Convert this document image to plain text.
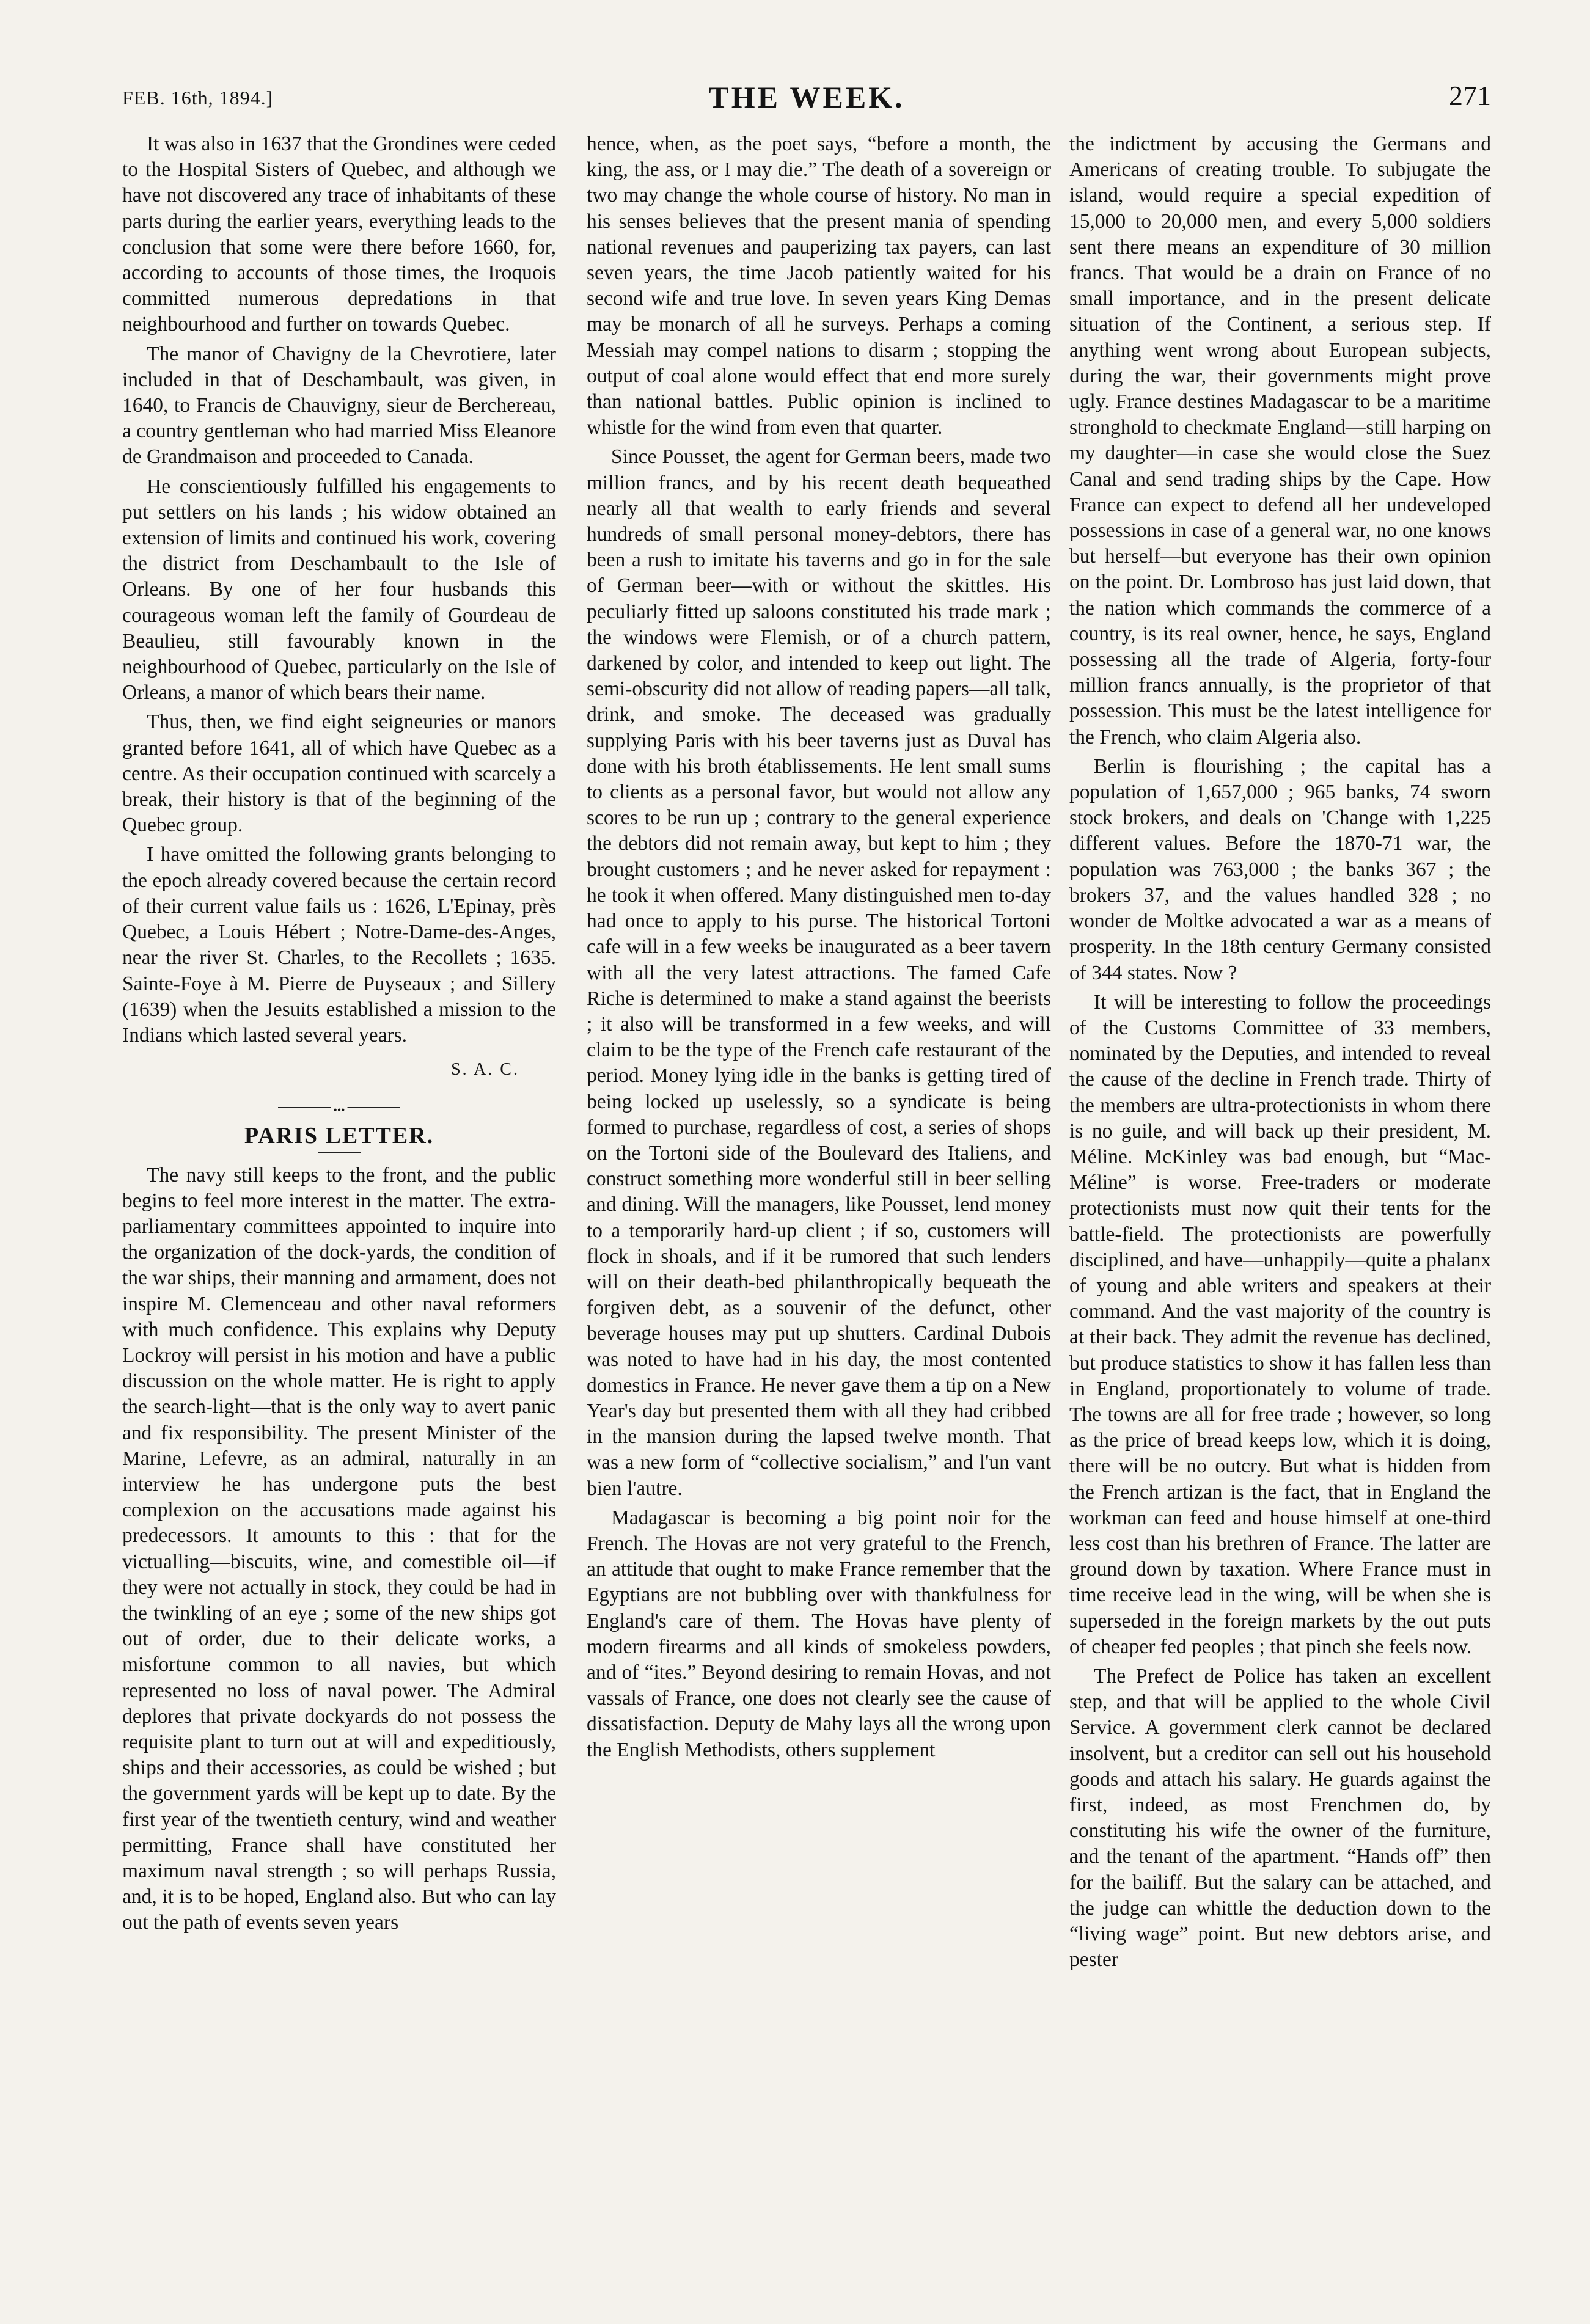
FEB. 16th, 1894.]	THE WEEK.	271

It was also in 1637 that the Grondines were ceded to the Hospital Sisters of Quebec, and although we have not discovered any trace of inhabitants of these parts during the earlier years, everything leads to the conclusion that some were there before 1660, for, according to accounts of those times, the Iroquois committed numerous depredations in that neighbourhood and further on towards Quebec.

The manor of Chavigny de la Chevrotiere, later included in that of Deschambault, was given, in 1640, to Francis de Chauvigny, sieur de Berchereau, a country gentleman who had married Miss Eleanore de Grandmaison and proceeded to Canada.

He conscientiously fulfilled his engagements to put settlers on his lands ; his widow obtained an extension of limits and continued his work, covering the district from Deschambault to the Isle of Orleans. By one of her four husbands this courageous woman left the family of Gourdeau de Beaulieu, still favourably known in the neighbourhood of Quebec, particularly on the Isle of Orleans, a manor of which bears their name.

Thus, then, we find eight seigneuries or manors granted before 1641, all of which have Quebec as a centre. As their occupation continued with scarcely a break, their history is that of the beginning of the Quebec group.

I have omitted the following grants belonging to the epoch already covered because the certain record of their current value fails us : 1626, L'Epinay, près Quebec, a Louis Hébert ; Notre-Dame-des-Anges, near the river St. Charles, to the Recollets ; 1635. Sainte-Foye à M. Pierre de Puyseaux ; and Sillery (1639) when the Jesuits established a mission to the Indians which lasted several years.

S. A. C.
•••
PARIS LETTER.

The navy still keeps to the front, and the public begins to feel more interest in the matter. The extra-parliamentary committees appointed to inquire into the organization of the dock-yards, the condition of the war ships, their manning and armament, does not inspire M. Clemenceau and other naval reformers with much confidence. This explains why Deputy Lockroy will persist in his motion and have a public discussion on the whole matter. He is right to apply the search-light—that is the only way to avert panic and fix responsibility. The present Minister of the Marine, Lefevre, as an admiral, naturally in an interview he has undergone puts the best complexion on the accusations made against his predecessors. It amounts to this : that for the victualling—biscuits, wine, and comestible oil—if they were not actually in stock, they could be had in the twinkling of an eye ; some of the new ships got out of order, due to their delicate works, a misfortune common to all navies, but which represented no loss of naval power. The Admiral deplores that private dockyards do not possess the requisite plant to turn out at will and expeditiously, ships and their accessories, as could be wished ; but the government yards will be kept up to date. By the first year of the twentieth century, wind and weather permitting, France shall have constituted her maximum naval strength ; so will perhaps Russia, and, it is to be hoped, England also. But who can lay out the path of events seven years

hence, when, as the poet says, “before a month, the king, the ass, or I may die.” The death of a sovereign or two may change the whole course of history. No man in his senses believes that the present mania of spending national revenues and pauperizing tax payers, can last seven years, the time Jacob patiently waited for his second wife and true love. In seven years King Demas may be monarch of all he surveys. Perhaps a coming Messiah may compel nations to disarm ; stopping the output of coal alone would effect that end more surely than national battles. Public opinion is inclined to whistle for the wind from even that quarter.

Since Pousset, the agent for German beers, made two million francs, and by his recent death bequeathed nearly all that wealth to early friends and several hundreds of small personal money-debtors, there has been a rush to imitate his taverns and go in for the sale of German beer—with or without the skittles. His peculiarly fitted up saloons constituted his trade mark ; the windows were Flemish, or of a church pattern, darkened by color, and intended to keep out light. The semi-obscurity did not allow of reading papers—all talk, drink, and smoke. The deceased was gradually supplying Paris with his beer taverns just as Duval has done with his broth établissements. He lent small sums to clients as a personal favor, but would not allow any scores to be run up ; contrary to the general experience the debtors did not remain away, but kept to him ; they brought customers ; and he never asked for repayment : he took it when offered. Many distinguished men to-day had once to apply to his purse. The historical Tortoni cafe will in a few weeks be inaugurated as a beer tavern with all the very latest attractions. The famed Cafe Riche is determined to make a stand against the beerists ; it also will be transformed in a few weeks, and will claim to be the type of the French cafe restaurant of the period. Money lying idle in the banks is getting tired of being locked up uselessly, so a syndicate is being formed to purchase, regardless of cost, a series of shops on the Tortoni side of the Boulevard des Italiens, and construct something more wonderful still in beer selling and dining. Will the managers, like Pousset, lend money to a temporarily hard-up client ; if so, customers will flock in shoals, and if it be rumored that such lenders will on their death-bed philanthropically bequeath the forgiven debt, as a souvenir of the defunct, other beverage houses may put up shutters. Cardinal Dubois was noted to have had in his day, the most contented domestics in France. He never gave them a tip on a New Year's day but presented them with all they had cribbed in the mansion during the lapsed twelve month. That was a new form of “collective socialism,” and l'un vant bien l'autre.

Madagascar is becoming a big point noir for the French. The Hovas are not very grateful to the French, an attitude that ought to make France remember that the Egyptians are not bubbling over with thankfulness for England's care of them. The Hovas have plenty of modern firearms and all kinds of smokeless powders, and of “ites.” Beyond desiring to remain Hovas, and not vassals of France, one does not clearly see the cause of dissatisfaction. Deputy de Mahy lays all the wrong upon the English Methodists, others supplement

the indictment by accusing the Germans and Americans of creating trouble. To subjugate the island, would require a special expedition of 15,000 to 20,000 men, and every 5,000 soldiers sent there means an expenditure of 30 million francs. That would be a drain on France of no small importance, and in the present delicate situation of the Continent, a serious step. If anything went wrong about European subjects, during the war, their governments might prove ugly. France destines Madagascar to be a maritime stronghold to checkmate England—still harping on my daughter—in case she would close the Suez Canal and send trading ships by the Cape. How France can expect to defend all her undeveloped possessions in case of a general war, no one knows but herself—but everyone has their own opinion on the point. Dr. Lombroso has just laid down, that the nation which commands the commerce of a country, is its real owner, hence, he says, England possessing all the trade of Algeria, forty-four million francs annually, is the proprietor of that possession. This must be the latest intelligence for the French, who claim Algeria also.

Berlin is flourishing ; the capital has a population of 1,657,000 ; 965 banks, 74 sworn stock brokers, and deals on 'Change with 1,225 different values. Before the 1870-71 war, the population was 763,000 ; the banks 367 ; the brokers 37, and the values handled 328 ; no wonder de Moltke advocated a war as a means of prosperity. In the 18th century Germany consisted of 344 states. Now ?

It will be interesting to follow the proceedings of the Customs Committee of 33 members, nominated by the Deputies, and intended to reveal the cause of the decline in French trade. Thirty of the members are ultra-protectionists in whom there is no guile, and will back up their president, M. Méline. McKinley was bad enough, but “Mac-Méline” is worse. Free-traders or moderate protectionists must now quit their tents for the battle-field. The protectionists are powerfully disciplined, and have—unhappily—quite a phalanx of young and able writers and speakers at their command. And the vast majority of the country is at their back. They admit the revenue has declined, but produce statistics to show it has fallen less than in England, proportionately to volume of trade. The towns are all for free trade ; however, so long as the price of bread keeps low, which it is doing, there will be no outcry. But what is hidden from the French artizan is the fact, that in England the workman can feed and house himself at one-third less cost than his brethren of France. The latter are ground down by taxation. Where France must in time receive lead in the wing, will be when she is superseded in the foreign markets by the out puts of cheaper fed peoples ; that pinch she feels now.

The Prefect de Police has taken an excellent step, and that will be applied to the whole Civil Service. A government clerk cannot be declared insolvent, but a creditor can sell out his household goods and attach his salary. He guards against the first, indeed, as most Frenchmen do, by constituting his wife the owner of the furniture, and the tenant of the apartment. “Hands off” then for the bailiff. But the salary can be attached, and the judge can whittle the deduction down to the “living wage” point. But new debtors arise, and pester
